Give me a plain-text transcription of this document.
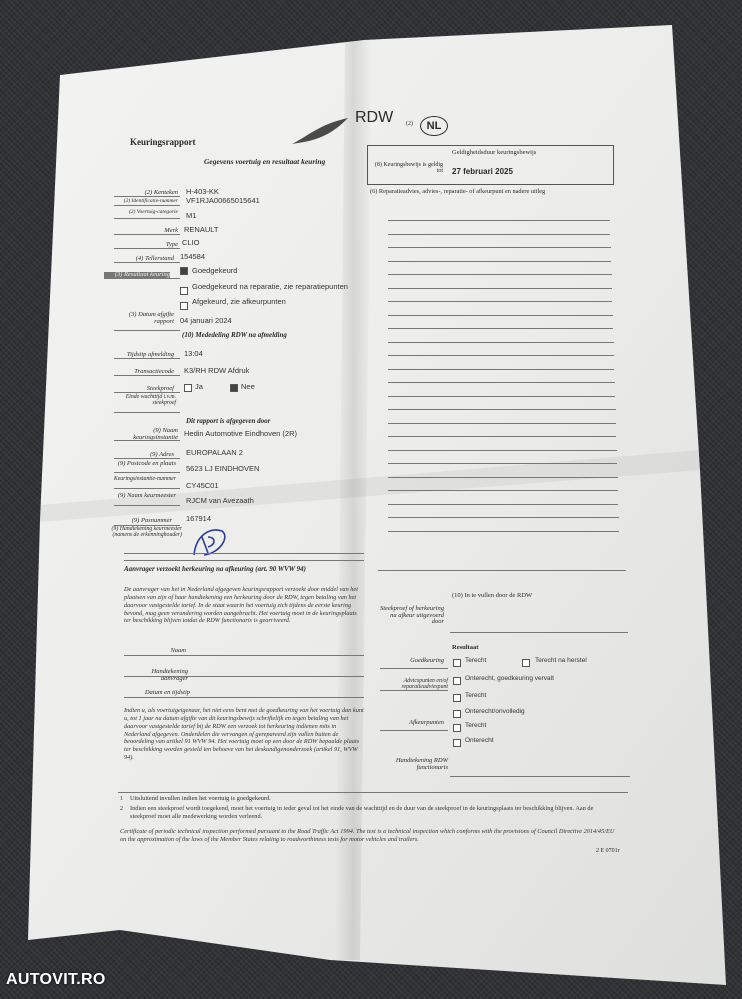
Keuringsrapport
Gegevens voertuig en resultaat keuring
RDW (2)	NL
Geldigheidsduur keuringsbewijs
(8) Keuringsbewijs is geldig tot 27 februari 2025
(6) Reparatieadvies, advies-, reparatie- of afkeurpunt en nadere uitleg
(2) Kenteken H-403-KK
(2) Identificatie-nummer VF1RJA00665015641
(2) Voertuig-categorie M1
Merk RENAULT
Type CLIO
(4) Tellerstand 154584
(3) Resultaat keuring	Goedgekeurd
Goedgekeurd na reparatie, zie reparatiepunten
Afgekeurd, zie afkeurpunten
(3) Datum afgifte rapport 04 januari 2024
(10) Mededeling RDW na afmelding
Tijdstip afmelding 13:04
Transactiecode K3/RH RDW Afdruk
Steekproef	Ja	Nee
Einde wachttijd i.v.m. steekproef
Dit rapport is afgegeven door
(9) Naam keuringsinstantie Hedin Automotive Eindhoven (2R)
(9) Adres EUROPALAAN 2
(9) Postcode en plaats
5623 LJ EINDHOVEN
Keuringsinstantie-nummer
CY45C01
(9) Naam keurmeester
RJCM van Avezaath
(9) Pasnummer 167914
(9) Handtekening keurmeester (namens de erkenninghouder)
Aanvrager verzoekt herkeuring na afkeuring (art. 90 WVW 94)
De aanvrager van het in Nederland afgegeven keuringsrapport verzoekt door middel van het plaatsen van zijn of haar handtekening een herkeuring door de RDW, tegen betaling van het daarvoor vastgestelde tarief. In de staat waarin het voertuig zich tijdens de eerste keuring bevond, mag geen verandering worden aangebracht. Het voertuig moet in de keuringsplaats ter beschikking blijven totdat de RDW functionaris is gearriveerd.
Naam
Handtekening aanvrager
Datum en tijdstip
Indien u, als voertuigeigenaar, het niet eens bent met de goedkeuring van het voertuig dan kunt u, tot 1 jaar na datum afgifte van dit keuringsbewijs schriftelijk en tegen betaling van het daarvoor vastgestelde tarief bij de RDW een verzoek tot herkeuring indienen mits in Nederland afgegeven. Onderdelen die vervangen of gerepareerd zijn vallen buiten de beoordeling van artikel 91 WVW 94. Het voertuig moet op een door de RDW bepaalde plaats ter beschikking worden gesteld ten behoeve van het deskundigenonderzoek (artikel 91, WVW 94).
(10) In te vullen door de RDW
Steekproef of herkeuring na afkeur uitgevoerd door
Resultaat
Goedkeuring	Terecht	Terecht na herstel
Onterecht, goedkeuring vervalt
Advicspunten en/of reparatieadviespunt
Terecht
Onterecht/onvolledig
Afkeurpunten	Terecht
Onterecht
Handtekening RDW functionaris
1 Uitsluitend invullen indien het voertuig is goedgekeurd.
2 Indien een steekproef wordt toegekend, moet het voertuig in ieder geval tot het einde van de wachttijd en de duur van de steekproef in de keuringsplaats ter beschikking blijven. Aan de steekproef moet alle medewerking worden verleend.
Certificate of periodic technical inspection performed pursuant to the Road Traffic Act 1994. The test is a technical inspection which conforms with the provisions of Council Directive 2014/45/EU on the approximation of the laws of the Member States relating to roadworthiness tests for motor vehicles and trailers.
2 E 0701r
AUTOVIT.RO
